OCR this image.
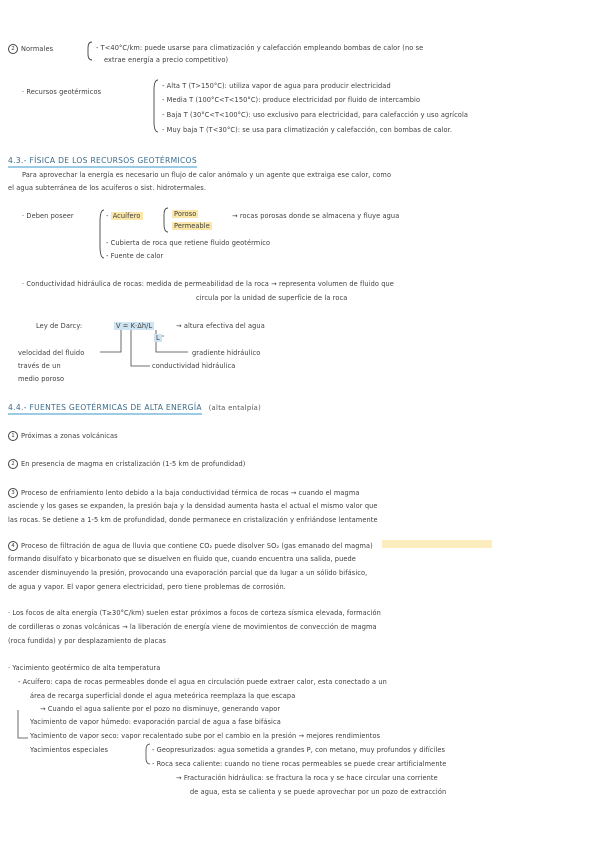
2 Normales	- T<40°C/km: puede usarse para climatización y calefacción empleando bombas de calor (no se
extrae energía a precio competitivo)
· Recursos geotérmicos
- Alta T (T>150°C): utiliza vapor de agua para producir electricidad
- Media T (100°C<T<150°C): produce electricidad por fluido de intercambio
- Baja T (30°C<T<100°C): uso exclusivo para electricidad, para calefacción y uso agrícola
- Muy baja T (T<30°C): se usa para climatización y calefacción, con bombas de calor.
4.3.- FÍSICA DE LOS RECURSOS GEOTÉRMICOS
Para aprovechar la energía es necesario un flujo de calor anómalo y un agente que extraiga ese calor, como
el agua subterránea de los acuíferos o sist. hidrotermales.
· Deben poseer	- Acuífero	Poroso
Permeable
→ rocas porosas donde se almacena y fluye agua
- Cubierta de roca que retiene fluido geotérmico
- Fuente de calor
· Conductividad hidráulica de rocas: medida de permeabilidad de la roca → representa volumen de fluido que
circula por la unidad de superficie de la roca
Ley de Darcy:	V = K·Δh/L	→ altura efectiva del agua
L
velocidad del fluido
través de un
medio poroso
gradiente hidráulico
conductividad hidráulica
4.4.- FUENTES GEOTÉRMICAS DE ALTA ENERGÍA (alta entalpía)
1 Próximas a zonas volcánicas
2 En presencia de magma en cristalización (1-5 km de profundidad)
3 Proceso de enfriamiento lento debido a la baja conductividad térmica de rocas → cuando el magma
asciende y los gases se expanden, la presión baja y la densidad aumenta hasta el actual el mismo valor que
las rocas. Se detiene a 1-5 km de profundidad, donde permanece en cristalización y enfriándose lentamente
4 Proceso de filtración de agua de lluvia que contiene CO₂ puede disolver SO₂ (gas emanado del magma)
formando disulfato y bicarbonato que se disuelven en fluido que, cuando encuentra una salida, puede
ascender disminuyendo la presión, provocando una evaporación parcial que da lugar a un sólido bifásico,
de agua y vapor. El vapor genera electricidad, pero tiene problemas de corrosión.
· Los focos de alta energía (T≥30°C/km) suelen estar próximos a focos de corteza sísmica elevada, formación
de cordilleras o zonas volcánicas → la liberación de energía viene de movimientos de convección de magma
(roca fundida) y por desplazamiento de placas
· Yacimiento geotérmico de alta temperatura
- Acuífero: capa de rocas permeables donde el agua en circulación puede extraer calor, esta conectado a un
área de recarga superficial donde el agua meteórica reemplaza la que escapa
→ Cuando el agua saliente por el pozo no disminuye, generando vapor
Yacimiento de vapor húmedo: evaporación parcial de agua a fase bifásica
Yacimiento de vapor seco: vapor recalentado sube por el cambio en la presión → mejores rendimientos
Yacimientos especiales	- Geopresurizados: agua sometida a grandes P, con metano, muy profundos y difíciles
- Roca seca caliente: cuando no tiene rocas permeables se puede crear artificialmente
→ Fracturación hidráulica: se fractura la roca y se hace circular una corriente
de agua, esta se calienta y se puede aprovechar por un pozo de extracción
